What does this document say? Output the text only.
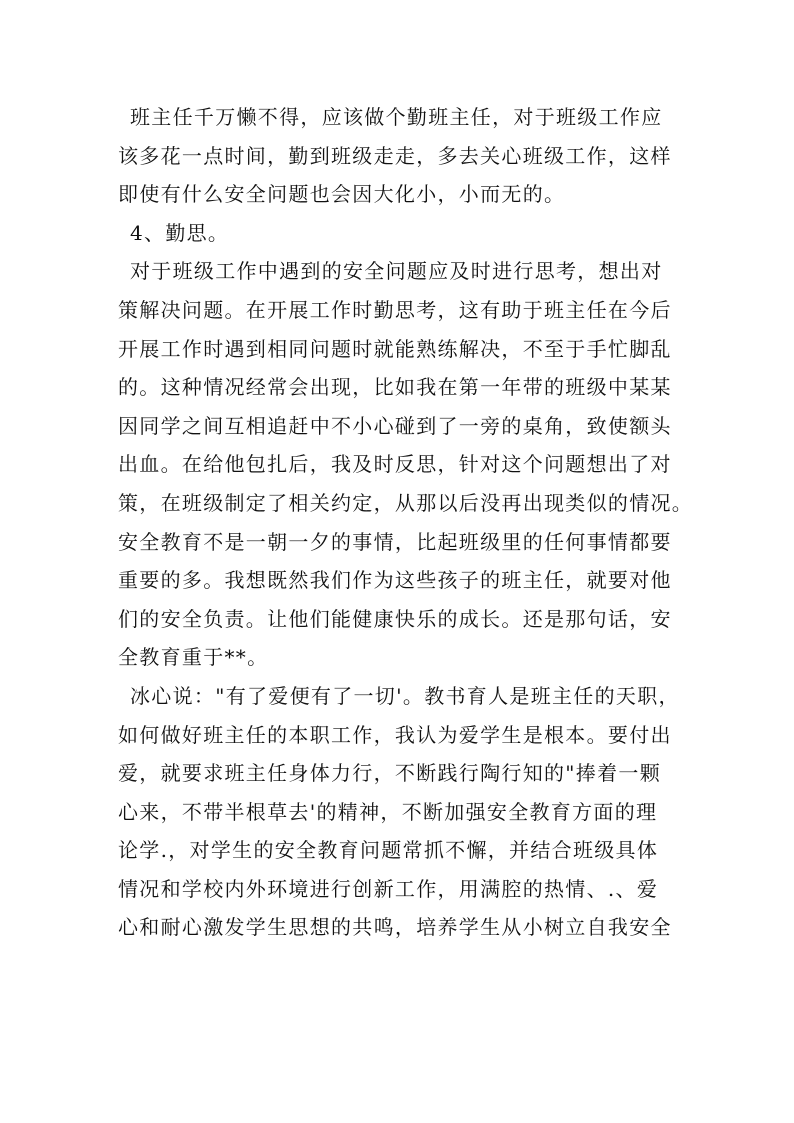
班主任千万懒不得，应该做个勤班主任，对于班级工作应
该多花一点时间，勤到班级走走，多去关心班级工作，这样
即使有什么安全问题也会因大化小，小而无的。
4、勤思。
对于班级工作中遇到的安全问题应及时进行思考，想出对
策解决问题。在开展工作时勤思考，这有助于班主任在今后
开展工作时遇到相同问题时就能熟练解决，不至于手忙脚乱
的。这种情况经常会出现，比如我在第一年带的班级中某某
因同学之间互相追赶中不小心碰到了一旁的桌角，致使额头
出血。在给他包扎后，我及时反思，针对这个问题想出了对
策，在班级制定了相关约定，从那以后没再出现类似的情况。
安全教育不是一朝一夕的事情，比起班级里的任何事情都要
重要的多。我想既然我们作为这些孩子的班主任，就要对他
们的安全负责。让他们能健康快乐的成长。还是那句话，安
全教育重于**。
冰心说："有了爱便有了一切'。教书育人是班主任的天职，
如何做好班主任的本职工作，我认为爱学生是根本。要付出
爱，就要求班主任身体力行，不断践行陶行知的"捧着一颗
心来，不带半根草去'的精神，不断加强安全教育方面的理
论学.，对学生的安全教育问题常抓不懈，并结合班级具体
情况和学校内外环境进行创新工作，用满腔的热情、.、爱
心和耐心激发学生思想的共鸣，培养学生从小树立自我安全
